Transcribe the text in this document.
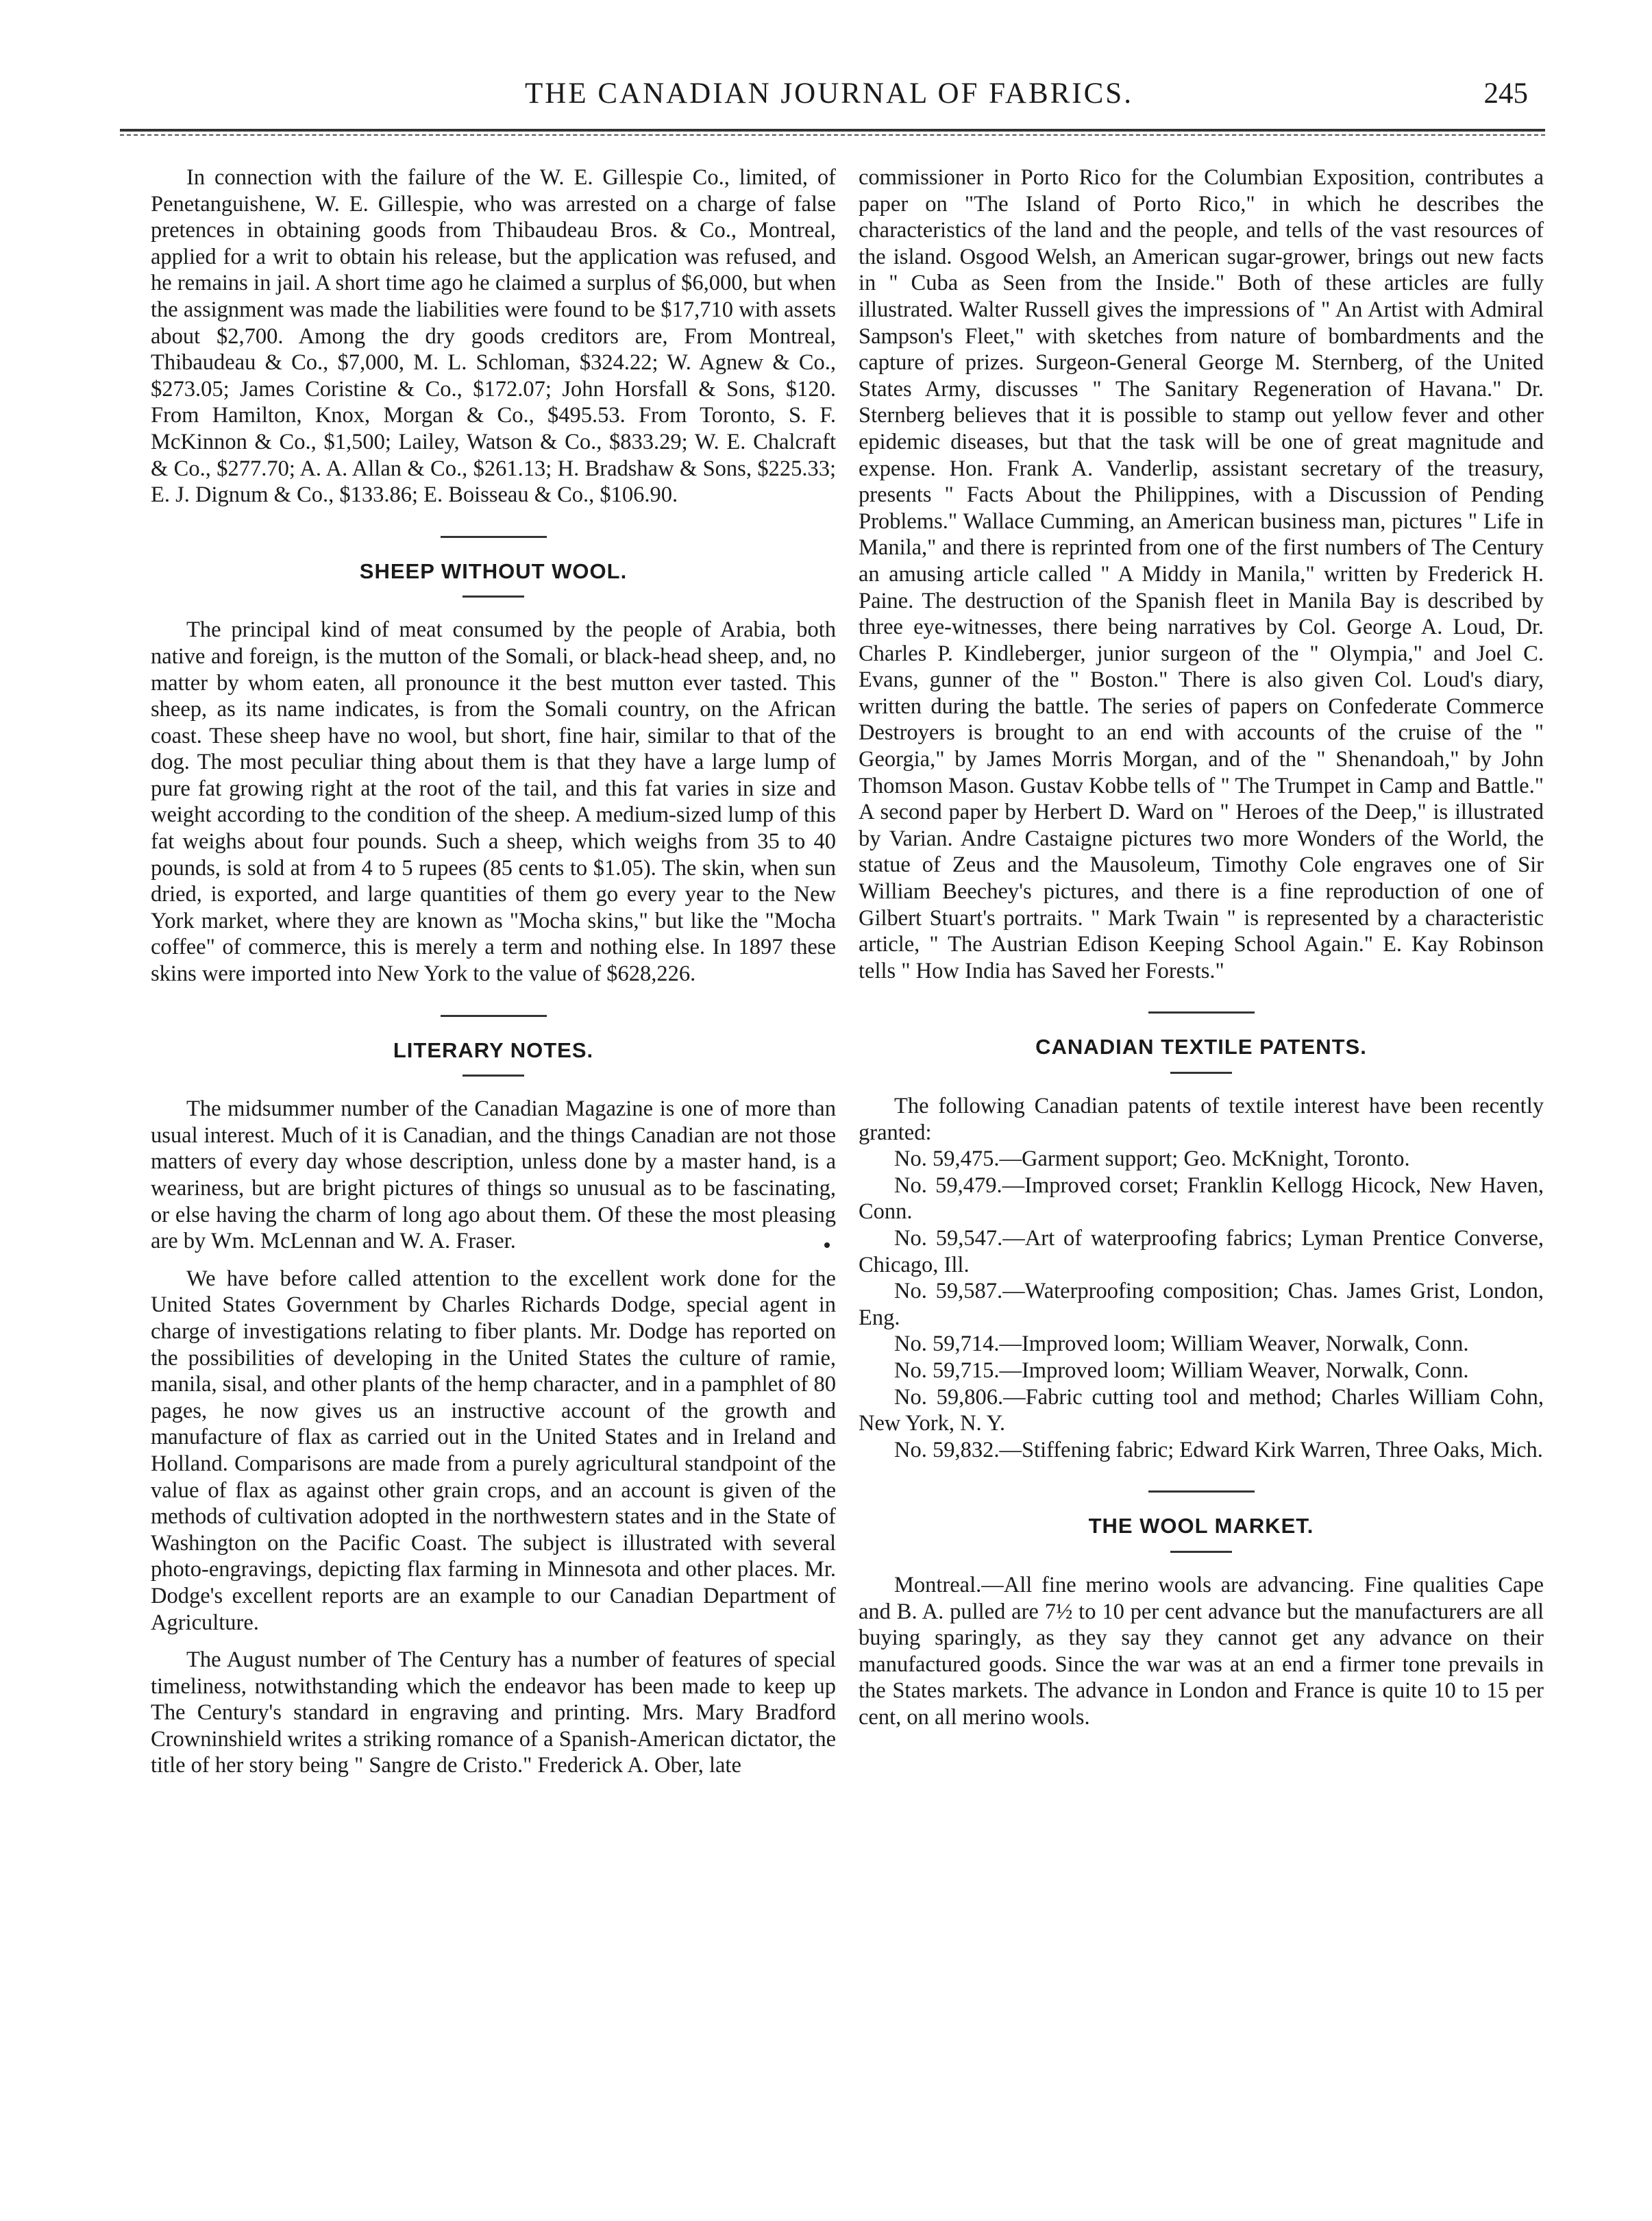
THE CANADIAN JOURNAL OF FABRICS.	245

In connection with the failure of the W. E. Gillespie Co., limited, of Penetanguishene, W. E. Gillespie, who was arrested on a charge of false pretences in obtaining goods from Thibaudeau Bros. & Co., Montreal, applied for a writ to obtain his release, but the application was refused, and he remains in jail. A short time ago he claimed a surplus of $6,000, but when the assignment was made the liabilities were found to be $17,710 with assets about $2,700. Among the dry goods creditors are, From Montreal, Thibaudeau & Co., $7,000, M. L. Schloman, $324.22; W. Agnew & Co., $273.05; James Coristine & Co., $172.07; John Horsfall & Sons, $120. From Hamilton, Knox, Morgan & Co., $495.53. From Toronto, S. F. McKinnon & Co., $1,500; Lailey, Watson & Co., $833.29; W. E. Chalcraft & Co., $277.70; A. A. Allan & Co., $261.13; H. Bradshaw & Sons, $225.33; E. J. Dignum & Co., $133.86; E. Boisseau & Co., $106.90.

SHEEP WITHOUT WOOL.

The principal kind of meat consumed by the people of Arabia, both native and foreign, is the mutton of the Somali, or black-head sheep, and, no matter by whom eaten, all pronounce it the best mutton ever tasted. This sheep, as its name indicates, is from the Somali country, on the African coast. These sheep have no wool, but short, fine hair, similar to that of the dog. The most peculiar thing about them is that they have a large lump of pure fat growing right at the root of the tail, and this fat varies in size and weight according to the condition of the sheep. A medium-sized lump of this fat weighs about four pounds. Such a sheep, which weighs from 35 to 40 pounds, is sold at from 4 to 5 rupees (85 cents to $1.05). The skin, when sun dried, is exported, and large quantities of them go every year to the New York market, where they are known as "Mocha skins," but like the "Mocha coffee" of commerce, this is merely a term and nothing else. In 1897 these skins were imported into New York to the value of $628,226.

LITERARY NOTES.

The midsummer number of the Canadian Magazine is one of more than usual interest. Much of it is Canadian, and the things Canadian are not those matters of every day whose description, unless done by a master hand, is a weariness, but are bright pictures of things so unusual as to be fascinating, or else having the charm of long ago about them. Of these the most pleasing are by Wm. McLennan and W. A. Fraser.

We have before called attention to the excellent work done for the United States Government by Charles Richards Dodge, special agent in charge of investigations relating to fiber plants. Mr. Dodge has reported on the possibilities of developing in the United States the culture of ramie, manila, sisal, and other plants of the hemp character, and in a pamphlet of 80 pages, he now gives us an instructive account of the growth and manufacture of flax as carried out in the United States and in Ireland and Holland. Comparisons are made from a purely agricultural standpoint of the value of flax as against other grain crops, and an account is given of the methods of cultivation adopted in the northwestern states and in the State of Washington on the Pacific Coast. The subject is illustrated with several photo-engravings, depicting flax farming in Minnesota and other places. Mr. Dodge's excellent reports are an example to our Canadian Department of Agriculture.

The August number of The Century has a number of features of special timeliness, notwithstanding which the endeavor has been made to keep up The Century's standard in engraving and printing. Mrs. Mary Bradford Crowninshield writes a striking romance of a Spanish-American dictator, the title of her story being " Sangre de Cristo." Frederick A. Ober, late

commissioner in Porto Rico for the Columbian Exposition, contributes a paper on "The Island of Porto Rico," in which he describes the characteristics of the land and the people, and tells of the vast resources of the island. Osgood Welsh, an American sugar-grower, brings out new facts in " Cuba as Seen from the Inside." Both of these articles are fully illustrated. Walter Russell gives the impressions of " An Artist with Admiral Sampson's Fleet," with sketches from nature of bombardments and the capture of prizes. Surgeon-General George M. Sternberg, of the United States Army, discusses " The Sanitary Regeneration of Havana." Dr. Sternberg believes that it is possible to stamp out yellow fever and other epidemic diseases, but that the task will be one of great magnitude and expense. Hon. Frank A. Vanderlip, assistant secretary of the treasury, presents " Facts About the Philippines, with a Discussion of Pending Problems." Wallace Cumming, an American business man, pictures " Life in Manila," and there is reprinted from one of the first numbers of The Century an amusing article called " A Middy in Manila," written by Frederick H. Paine. The destruction of the Spanish fleet in Manila Bay is described by three eye-witnesses, there being narratives by Col. George A. Loud, Dr. Charles P. Kindleberger, junior surgeon of the " Olympia," and Joel C. Evans, gunner of the " Boston." There is also given Col. Loud's diary, written during the battle. The series of papers on Confederate Commerce Destroyers is brought to an end with accounts of the cruise of the " Georgia," by James Morris Morgan, and of the " Shenandoah," by John Thomson Mason. Gustav Kobbe tells of " The Trumpet in Camp and Battle." A second paper by Herbert D. Ward on " Heroes of the Deep," is illustrated by Varian. Andre Castaigne pictures two more Wonders of the World, the statue of Zeus and the Mausoleum, Timothy Cole engraves one of Sir William Beechey's pictures, and there is a fine reproduction of one of Gilbert Stuart's portraits. " Mark Twain " is represented by a characteristic article, " The Austrian Edison Keeping School Again." E. Kay Robinson tells " How India has Saved her Forests."

CANADIAN TEXTILE PATENTS.

The following Canadian patents of textile interest have been recently granted:

No. 59,475.—Garment support; Geo. McKnight, Toronto.

No. 59,479.—Improved corset; Franklin Kellogg Hicock, New Haven, Conn.

No. 59,547.—Art of waterproofing fabrics; Lyman Prentice Converse, Chicago, Ill.

No. 59,587.—Waterproofing composition; Chas. James Grist, London, Eng.

No. 59,714.—Improved loom; William Weaver, Norwalk, Conn.

No. 59,715.—Improved loom; William Weaver, Norwalk, Conn.

No. 59,806.—Fabric cutting tool and method; Charles William Cohn, New York, N. Y.

No. 59,832.—Stiffening fabric; Edward Kirk Warren, Three Oaks, Mich.

THE WOOL MARKET.

Montreal.—All fine merino wools are advancing. Fine qualities Cape and B. A. pulled are 7½ to 10 per cent advance but the manufacturers are all buying sparingly, as they say they cannot get any advance on their manufactured goods. Since the war was at an end a firmer tone prevails in the States markets. The advance in London and France is quite 10 to 15 per cent, on all merino wools.
